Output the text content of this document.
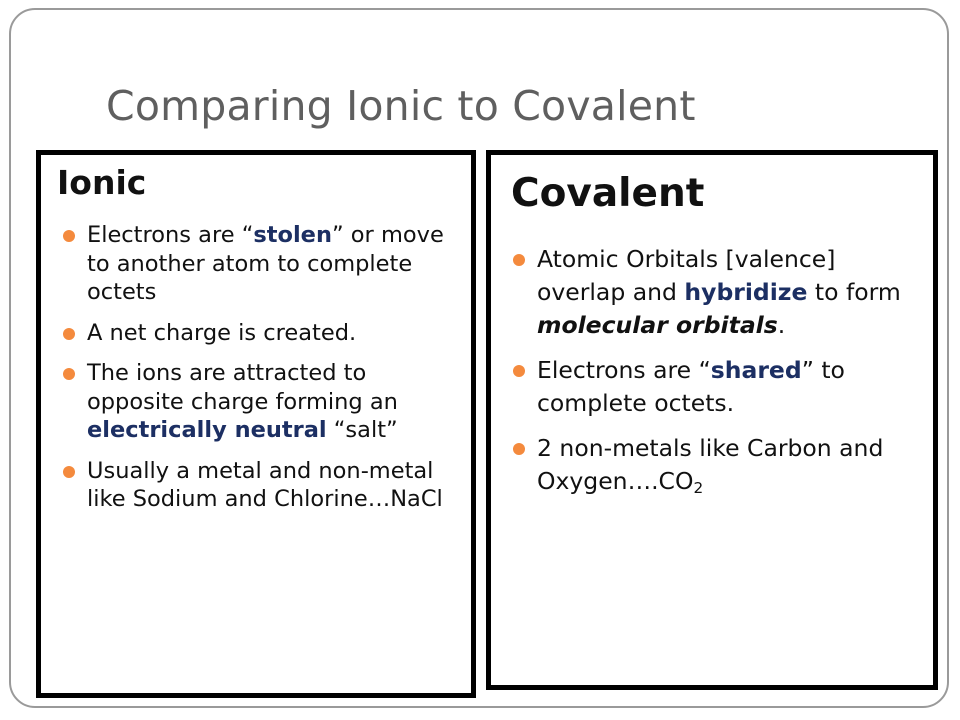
Comparing Ionic to Covalent
Ionic
Electrons are “stolen” or move to another atom to complete octets
A net charge is created.
The ions are attracted to opposite charge forming an electrically neutral “salt”
Usually a metal and non-metal like Sodium and Chlorine…NaCl
Covalent
Atomic Orbitals [valence] overlap and hybridize to form molecular orbitals.
Electrons are “shared” to complete octets.
2 non-metals like Carbon and $Oxygen\dots.CO_2$
